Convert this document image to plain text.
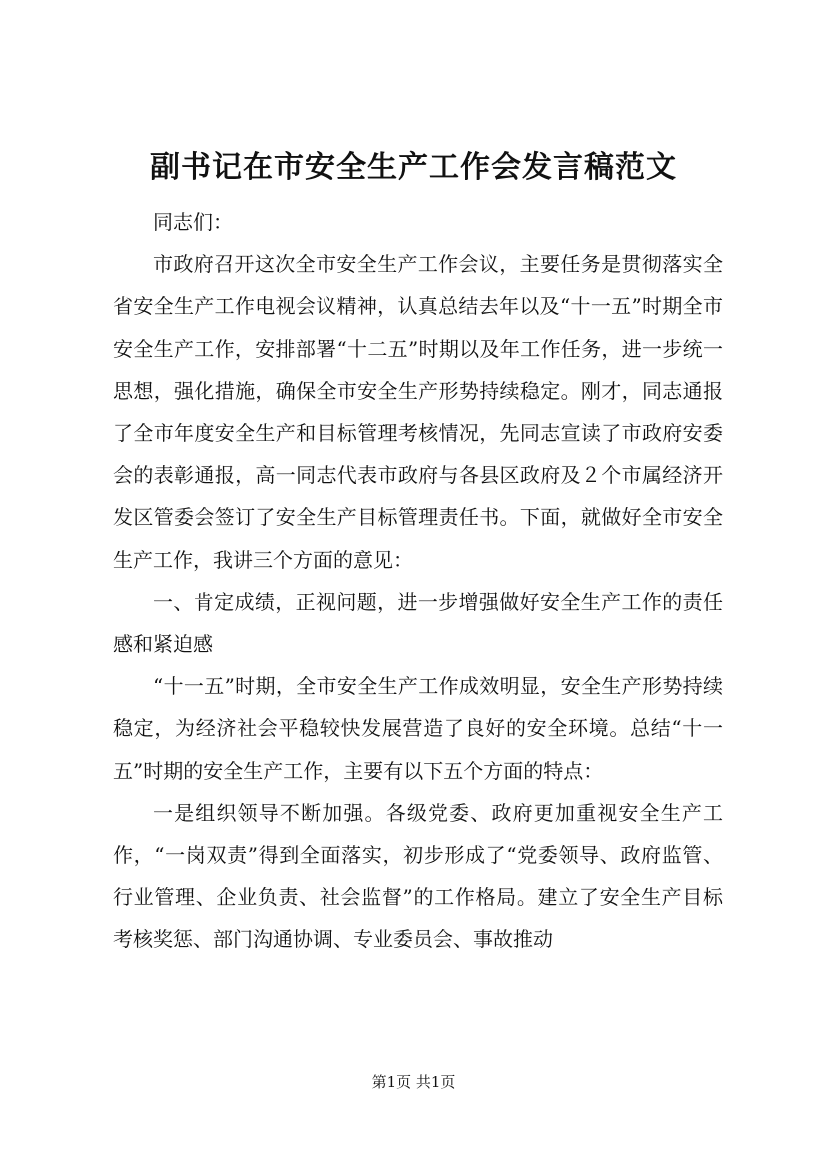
副书记在市安全生产工作会发言稿范文

同志们：

市政府召开这次全市安全生产工作会议，主要任务是贯彻落实全省安全生产工作电视会议精神，认真总结去年以及“十一五”时期全市安全生产工作，安排部署“十二五”时期以及年工作任务，进一步统一思想，强化措施，确保全市安全生产形势持续稳定。刚才，同志通报了全市年度安全生产和目标管理考核情况，先同志宣读了市政府安委会的表彰通报，高一同志代表市政府与各县区政府及２个市属经济开发区管委会签订了安全生产目标管理责任书。下面，就做好全市安全生产工作，我讲三个方面的意见：

一、肯定成绩，正视问题，进一步增强做好安全生产工作的责任感和紧迫感

“十一五”时期，全市安全生产工作成效明显，安全生产形势持续稳定，为经济社会平稳较快发展营造了良好的安全环境。总结“十一五”时期的安全生产工作，主要有以下五个方面的特点：

一是组织领导不断加强。各级党委、政府更加重视安全生产工作，“一岗双责”得到全面落实，初步形成了“党委领导、政府监管、行业管理、企业负责、社会监督”的工作格局。建立了安全生产目标考核奖惩、部门沟通协调、专业委员会、事故推动

第1页 共1页
